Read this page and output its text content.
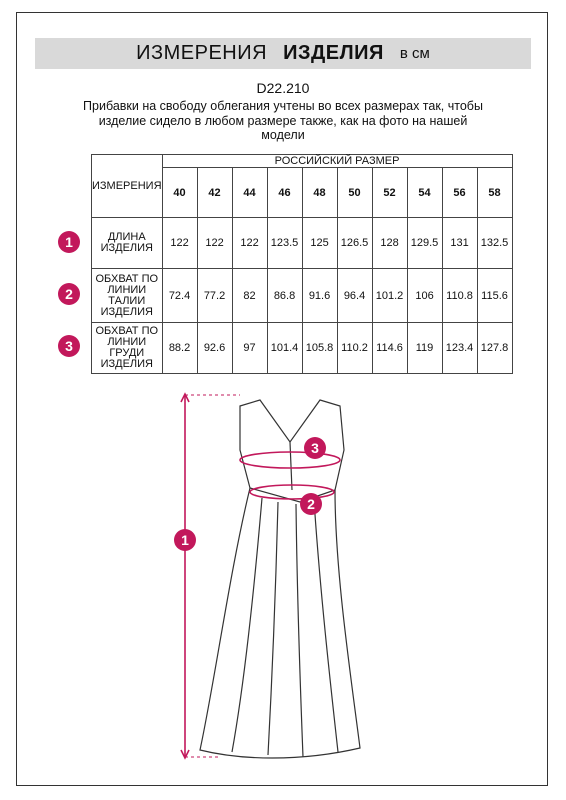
ИЗМЕРЕНИЯ ИЗДЕЛИЯ в см
D22.210
Прибавки на свободу облегания учтены во всех размерах так, чтобы изделие сидело в любом размере также, как на фото на нашей модели
ИЗМЕРЕНИЯ	РОССИЙСКИЙ РАЗМЕР									
	40	42	44	46	48	50	52	54	56	58
ДЛИНА ИЗДЕЛИЯ	122	122	122	123.5	125	126.5	128	129.5	131	132.5
ОБХВАТ ПО ЛИНИИ ТАЛИИ ИЗДЕЛИЯ	72.4	77.2	82	86.8	91.6	96.4	101.2	106	110.8	115.6
ОБХВАТ ПО ЛИНИИ ГРУДИ ИЗДЕЛИЯ	88.2	92.6	97	101.4	105.8	110.2	114.6	119	123.4	127.8
1
2
3
1
2
3
